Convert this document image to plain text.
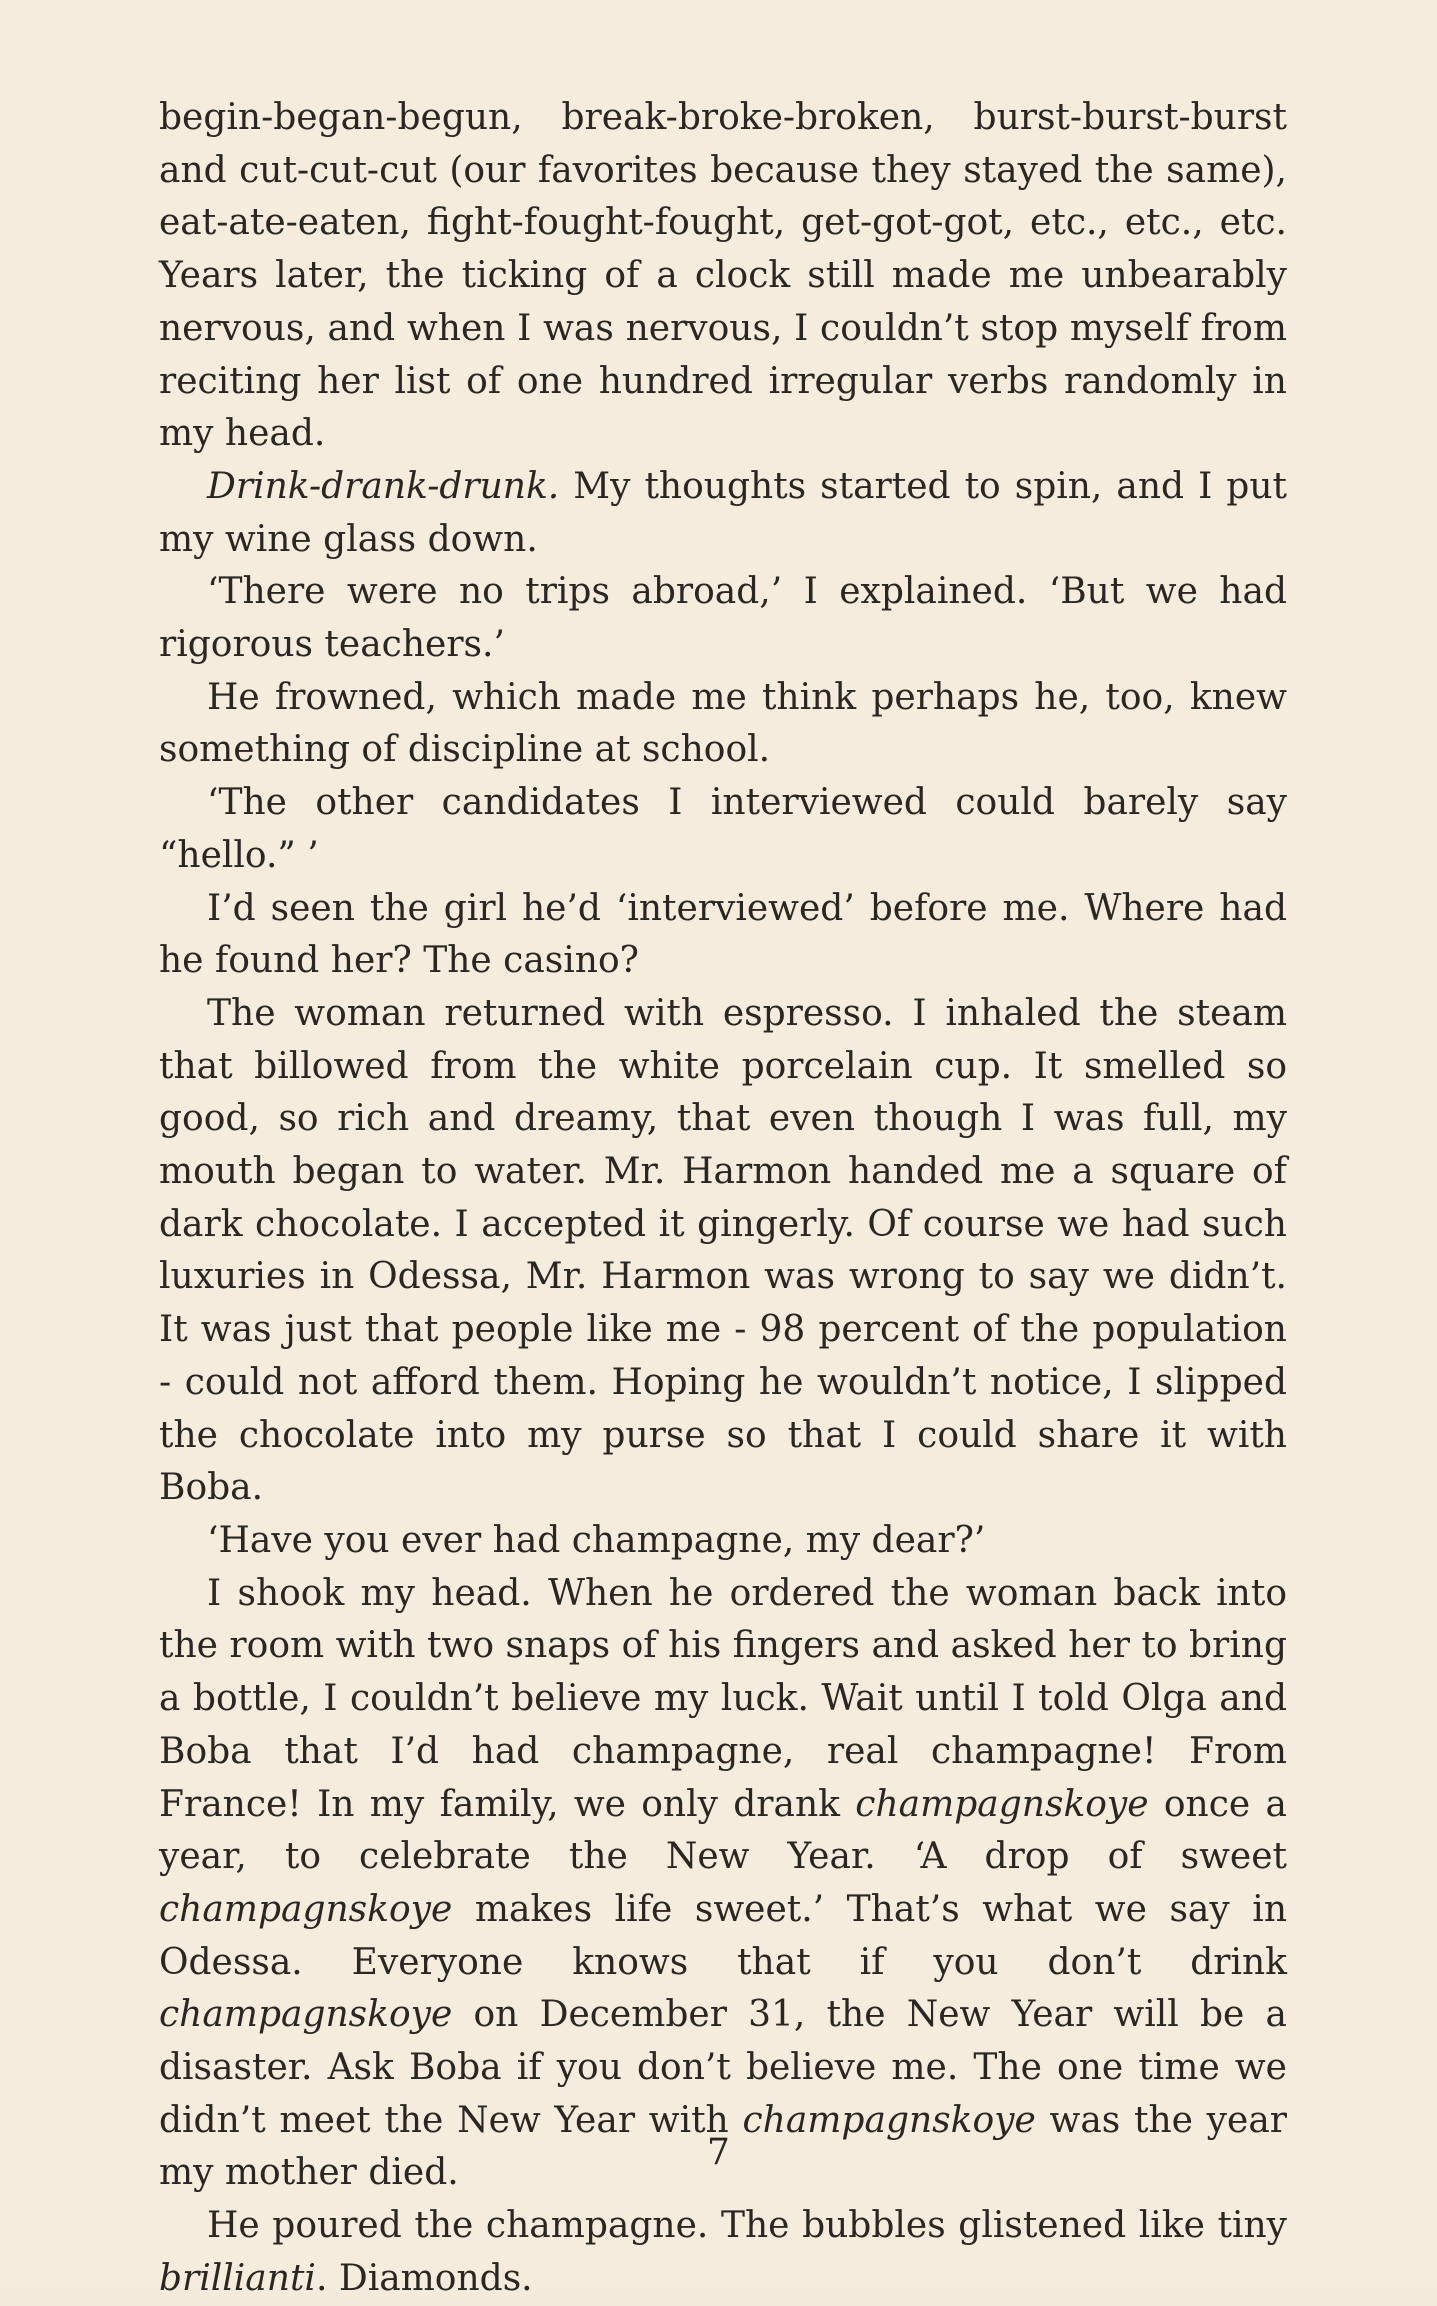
begin-began-begun, break-broke-broken, burst-burst-burst and cut-cut-cut (our favorites because they stayed the same), eat-ate-eaten, fight-fought-fought, get-got-got, etc., etc., etc. Years later, the ticking of a clock still made me unbearably nervous, and when I was nervous, I couldn’t stop myself from reciting her list of one hundred irregular verbs randomly in my head.

Drink-drank-drunk. My thoughts started to spin, and I put my wine glass down.

‘There were no trips abroad,’ I explained. ‘But we had rigorous teachers.’

He frowned, which made me think perhaps he, too, knew something of discipline at school.

‘The other candidates I interviewed could barely say “hello.” ’

I’d seen the girl he’d ‘interviewed’ before me. Where had he found her? The casino?

The woman returned with espresso. I inhaled the steam that billowed from the white porcelain cup. It smelled so good, so rich and dreamy, that even though I was full, my mouth began to water. Mr. Harmon handed me a square of dark chocolate. I accepted it gingerly. Of course we had such luxuries in Odessa, Mr. Harmon was wrong to say we didn’t. It was just that people like me - 98 percent of the population - could not afford them. Hoping he wouldn’t notice, I slipped the chocolate into my purse so that I could share it with Boba.

‘Have you ever had champagne, my dear?’

I shook my head. When he ordered the woman back into the room with two snaps of his fingers and asked her to bring a bottle, I couldn’t believe my luck. Wait until I told Olga and Boba that I’d had champagne, real champagne! From France! In my family, we only drank champagnskoye once a year, to celebrate the New Year. ‘A drop of sweet champagnskoye makes life sweet.’ That’s what we say in Odessa. Everyone knows that if you don’t drink champagnskoye on December 31, the New Year will be a disaster. Ask Boba if you don’t believe me. The one time we didn’t meet the New Year with champagnskoye was the year my mother died.

He poured the champagne. The bubbles glistened like tiny brillianti. Diamonds.

7
